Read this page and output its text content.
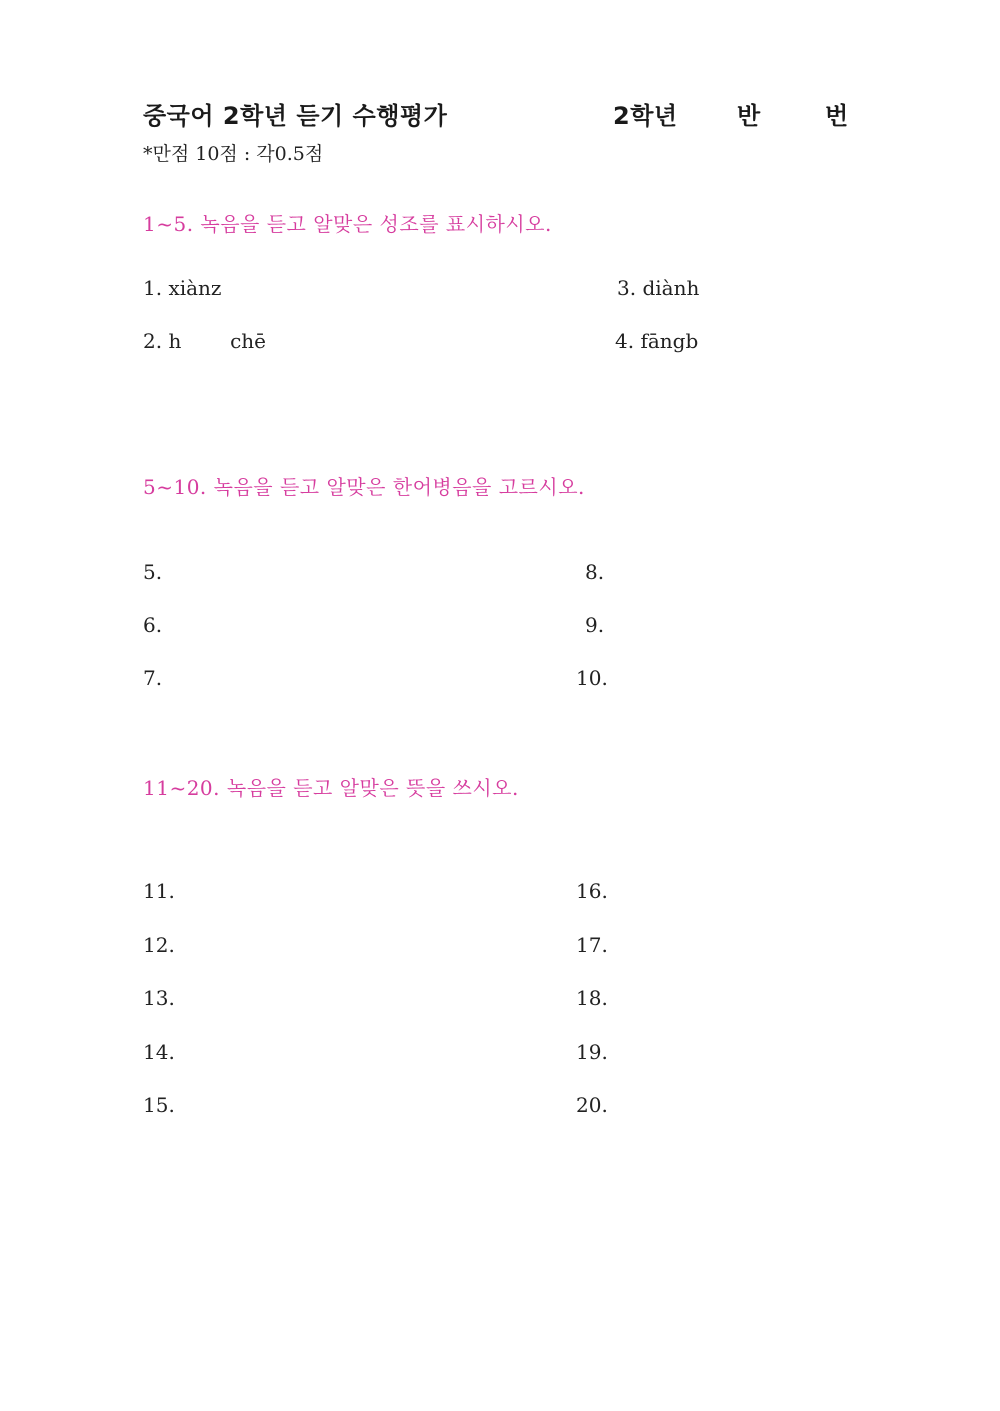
중국어 2학년 듣기 수행평가	2학년 반	번
*만점 10점 : 각0.5점
1~5. 녹음을 듣고 알맞은 성조를 표시하시오.
1. xiànz
2. h chē
3. diành
4. fāngb
5~10. 녹음을 듣고 알맞은 한어병음을 고르시오.
5.
6.
7.
8.
9.
10.
11~20. 녹음을 듣고 알맞은 뜻을 쓰시오.
11.
12.
13.
14.
15.
16.
17.
18.
19.
20.
